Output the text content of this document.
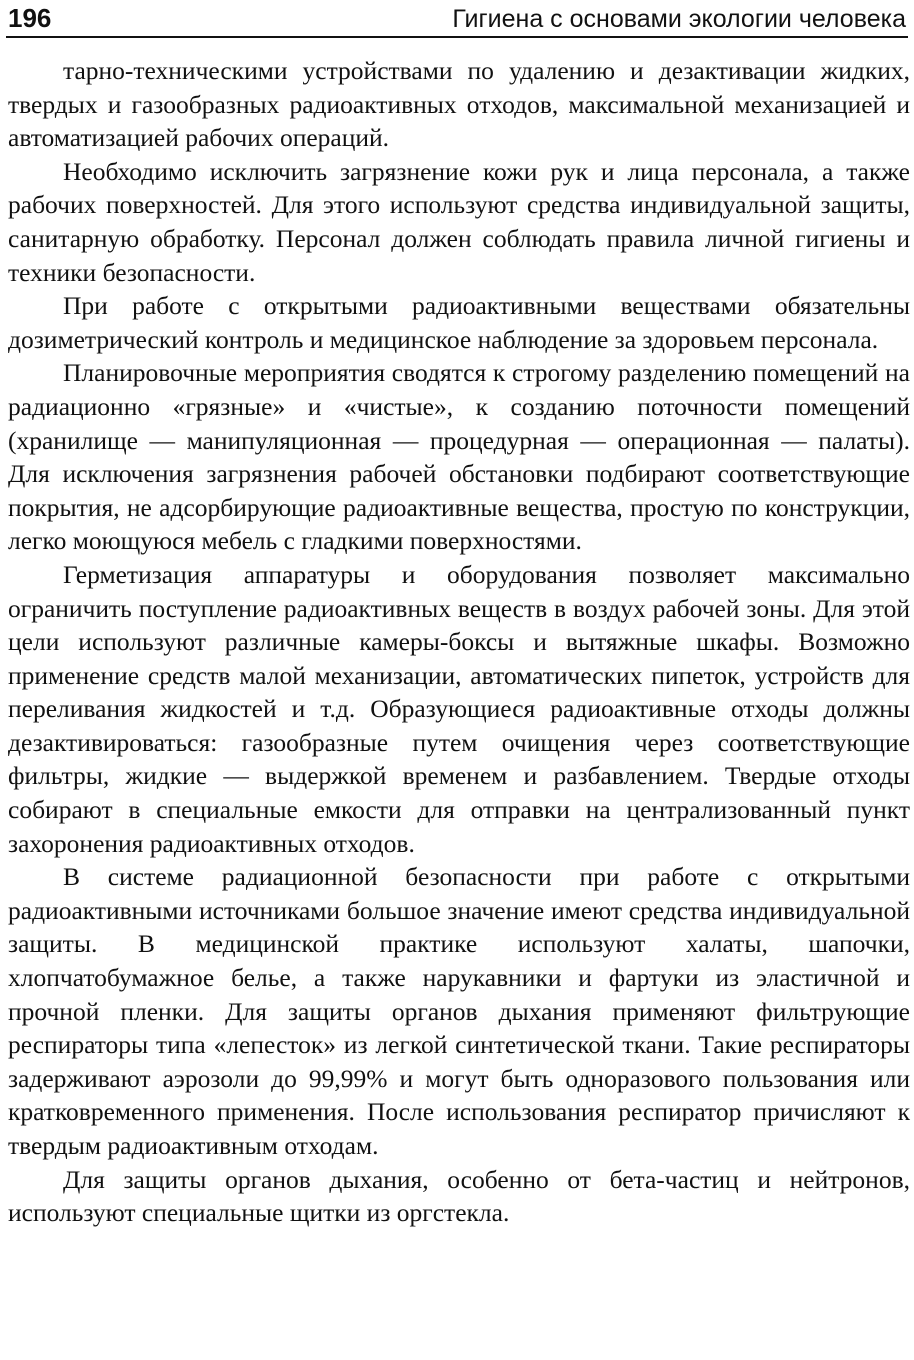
196	Гигиена с основами экологии человека

тарно-техническими устройствами по удалению и дезактивации жидких, твердых и газообразных радиоактивных отходов, максимальной механизацией и автоматизацией рабочих операций.

Необходимо исключить загрязнение кожи рук и лица персонала, а также рабочих поверхностей. Для этого используют средства индивидуальной защиты, санитарную обработку. Персонал должен соблюдать правила личной гигиены и техники безопасности.

При работе с открытыми радиоактивными веществами обязательны дозиметрический контроль и медицинское наблюдение за здоровьем персонала.

Планировочные мероприятия сводятся к строгому разделению помещений на радиационно «грязные» и «чистые», к созданию поточности помещений (хранилище — манипуляционная — процедурная — операционная — палаты). Для исключения загрязнения рабочей обстановки подбирают соответствующие покрытия, не адсорбирующие радиоактивные вещества, простую по конструкции, легко моющуюся мебель с гладкими поверхностями.

Герметизация аппаратуры и оборудования позволяет максимально ограничить поступление радиоактивных веществ в воздух рабочей зоны. Для этой цели используют различные камеры-боксы и вытяжные шкафы. Возможно применение средств малой механизации, автоматических пипеток, устройств для переливания жидкостей и т.д. Образующиеся радиоактивные отходы должны дезактивироваться: газообразные путем очищения через соответствующие фильтры, жидкие — выдержкой временем и разбавлением. Твердые отходы собирают в специальные емкости для отправки на централизованный пункт захоронения радиоактивных отходов.

В системе радиационной безопасности при работе с открытыми радиоактивными источниками большое значение имеют средства индивидуальной защиты. В медицинской практике используют халаты, шапочки, хлопчатобумажное белье, а также нарукавники и фартуки из эластичной и прочной пленки. Для защиты органов дыхания применяют фильтрующие респираторы типа «лепесток» из легкой синтетической ткани. Такие респираторы задерживают аэрозоли до 99,99% и могут быть одноразового пользования или кратковременного применения. После использования респиратор причисляют к твердым радиоактивным отходам.

Для защиты органов дыхания, особенно от бета-частиц и нейтронов, используют специальные щитки из оргстекла.
